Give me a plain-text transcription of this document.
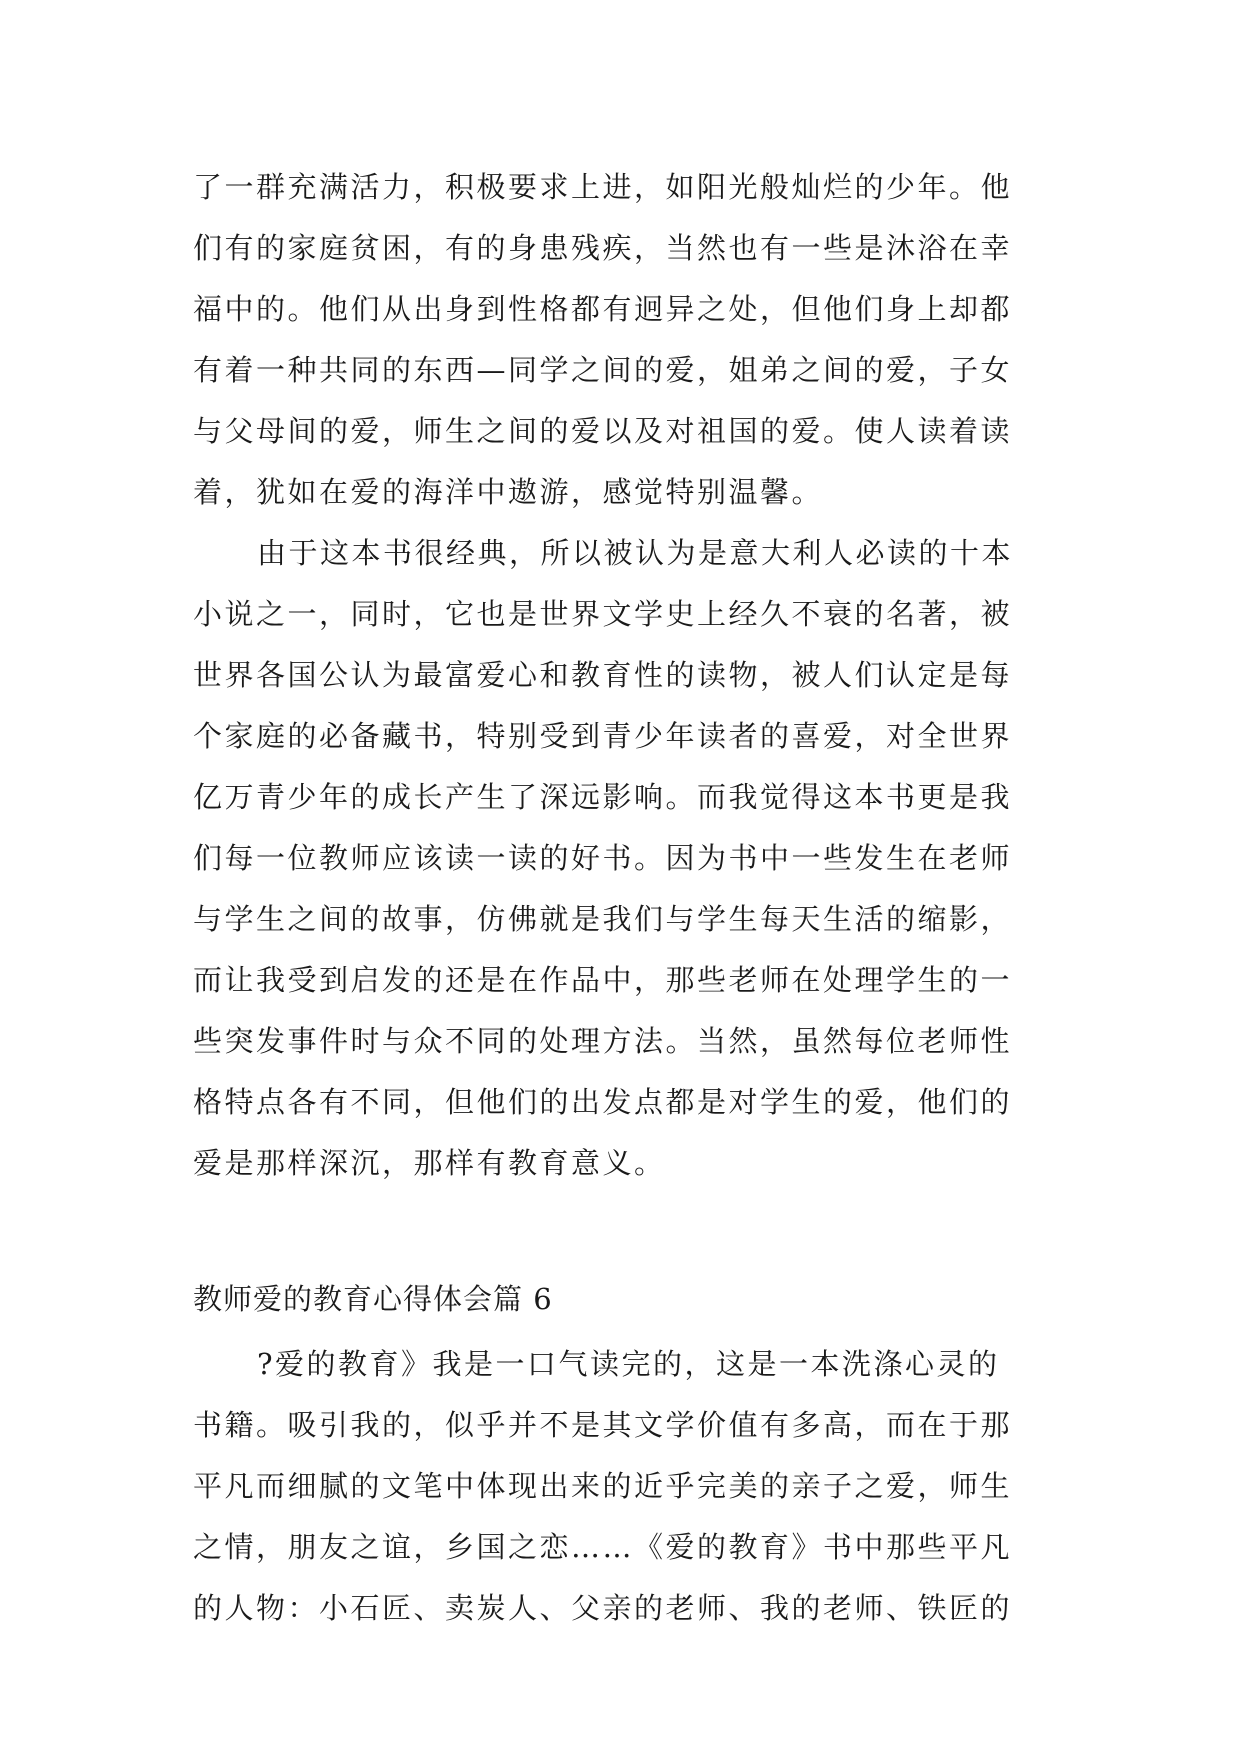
了一群充满活力，积极要求上进，如阳光般灿烂的少年。他
们有的家庭贫困，有的身患残疾，当然也有一些是沐浴在幸
福中的。他们从出身到性格都有迥异之处，但他们身上却都
有着一种共同的东西—同学之间的爱，姐弟之间的爱，子女
与父母间的爱，师生之间的爱以及对祖国的爱。使人读着读
着，犹如在爱的海洋中遨游，感觉特别温馨。
由于这本书很经典，所以被认为是意大利人必读的十本
小说之一，同时，它也是世界文学史上经久不衰的名著，被
世界各国公认为最富爱心和教育性的读物，被人们认定是每
个家庭的必备藏书，特别受到青少年读者的喜爱，对全世界
亿万青少年的成长产生了深远影响。而我觉得这本书更是我
们每一位教师应该读一读的好书。因为书中一些发生在老师
与学生之间的故事，仿佛就是我们与学生每天生活的缩影，
而让我受到启发的还是在作品中，那些老师在处理学生的一
些突发事件时与众不同的处理方法。当然，虽然每位老师性
格特点各有不同，但他们的出发点都是对学生的爱，他们的
爱是那样深沉，那样有教育意义。
教师爱的教育心得体会篇 6
?爱的教育》我是一口气读完的，这是一本洗涤心灵的
书籍。吸引我的，似乎并不是其文学价值有多高，而在于那
平凡而细腻的文笔中体现出来的近乎完美的亲子之爱，师生
之情，朋友之谊，乡国之恋……《爱的教育》书中那些平凡
的人物：小石匠、卖炭人、父亲的老师、我的老师、铁匠的
